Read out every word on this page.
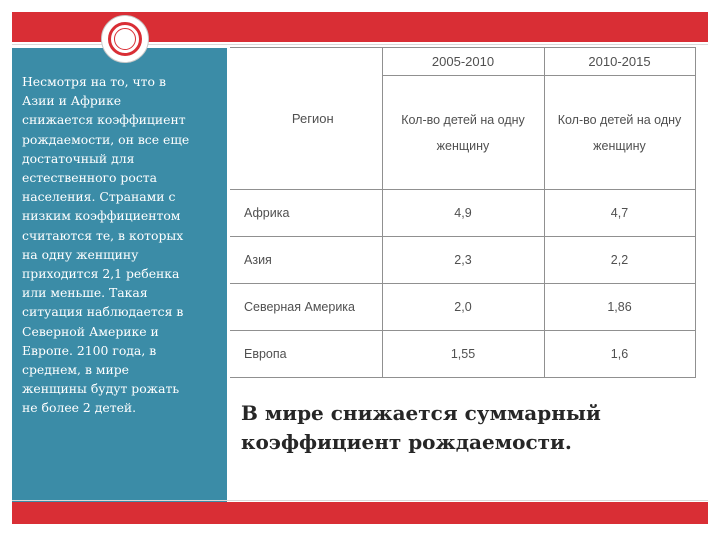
Несмотря на то, что в
Азии и Африке
снижается коэффициент
рождаемости, он все еще
достаточный для
естественного роста
населения. Странами с
низким коэффициентом
считаются те, в которых
на одну женщину
приходится 2,1 ребенка
или меньше. Такая
ситуация наблюдается в
Северной Америке и
Европе. 2100 года, в
среднем, в мире
женщины будут рожать
не более 2 детей.

Регион	2005-2010	2010-2015
	Кол-во детей на одну женщину	Кол-во детей на одну женщину
Африка	4,9	4,7
Азия	2,3	2,2
Северная Америка	2,0	1,86
Европа	1,55	1,6

В мире снижается суммарный коэффициент рождаемости.
